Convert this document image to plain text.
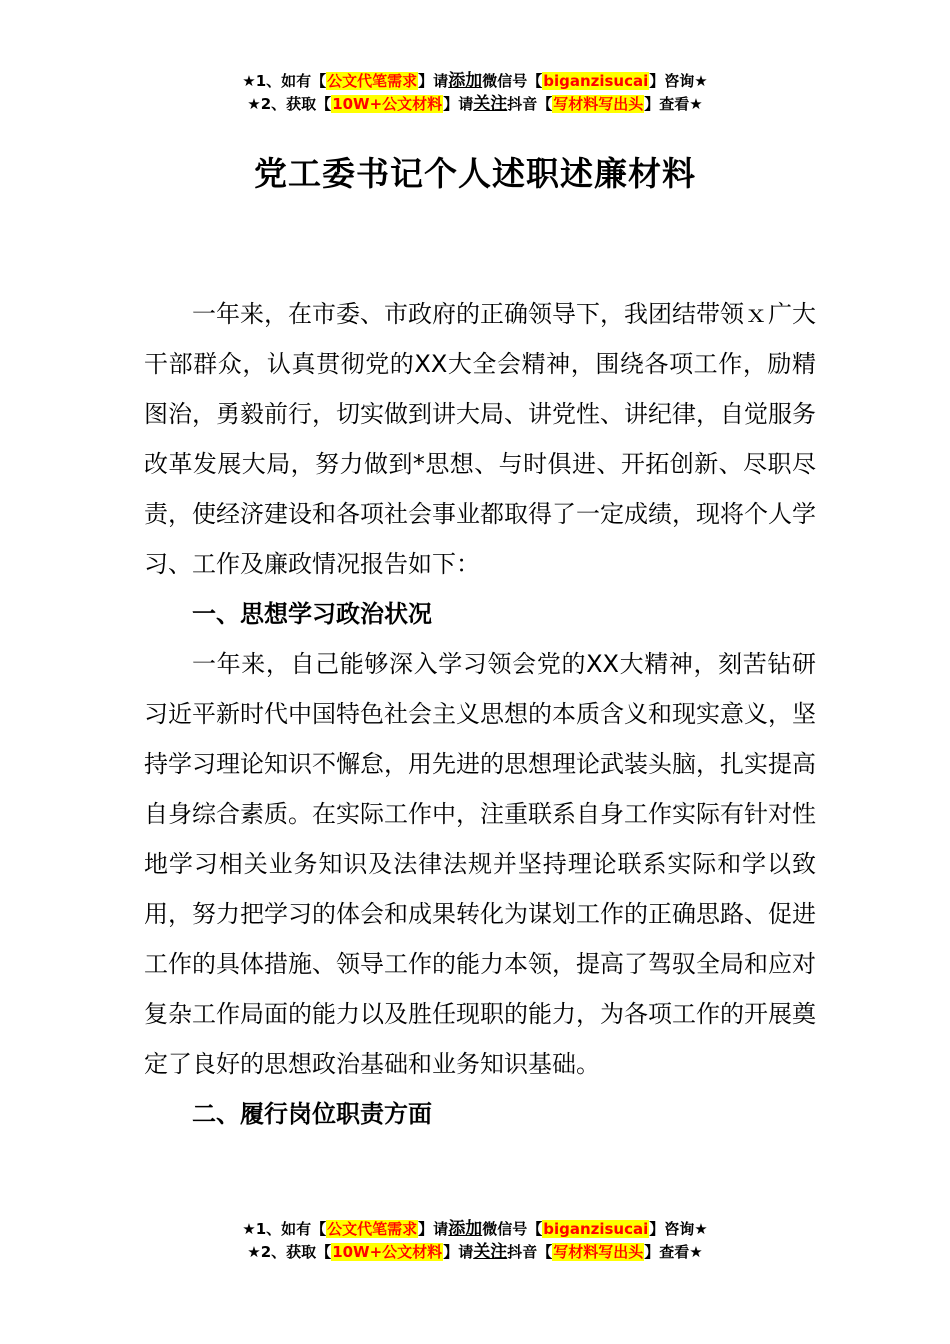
★1、如有【公文代笔需求】请添加微信号【biganzisucai】咨询★
★2、获取【10W+公文材料】请关注抖音【写材料写出头】查看★
党工委书记个人述职述廉材料

一年来，在市委、市政府的正确领导下，我团结带领ｘ广大干部群众，认真贯彻党的XX大全会精神，围绕各项工作，励精图治，勇毅前行，切实做到讲大局、讲党性、讲纪律，自觉服务改革发展大局，努力做到*思想、与时俱进、开拓创新、尽职尽责，使经济建设和各项社会事业都取得了一定成绩，现将个人学习、工作及廉政情况报告如下：

一、思想学习政治状况

一年来，自己能够深入学习领会党的XX大精神，刻苦钻研习近平新时代中国特色社会主义思想的本质含义和现实意义，坚持学习理论知识不懈怠，用先进的思想理论武装头脑，扎实提高自身综合素质。在实际工作中，注重联系自身工作实际有针对性地学习相关业务知识及法律法规并坚持理论联系实际和学以致用，努力把学习的体会和成果转化为谋划工作的正确思路、促进工作的具体措施、领导工作的能力本领，提高了驾驭全局和应对复杂工作局面的能力以及胜任现职的能力，为各项工作的开展奠定了良好的思想政治基础和业务知识基础。

二、履行岗位职责方面
★1、如有【公文代笔需求】请添加微信号【biganzisucai】咨询★
★2、获取【10W+公文材料】请关注抖音【写材料写出头】查看★
